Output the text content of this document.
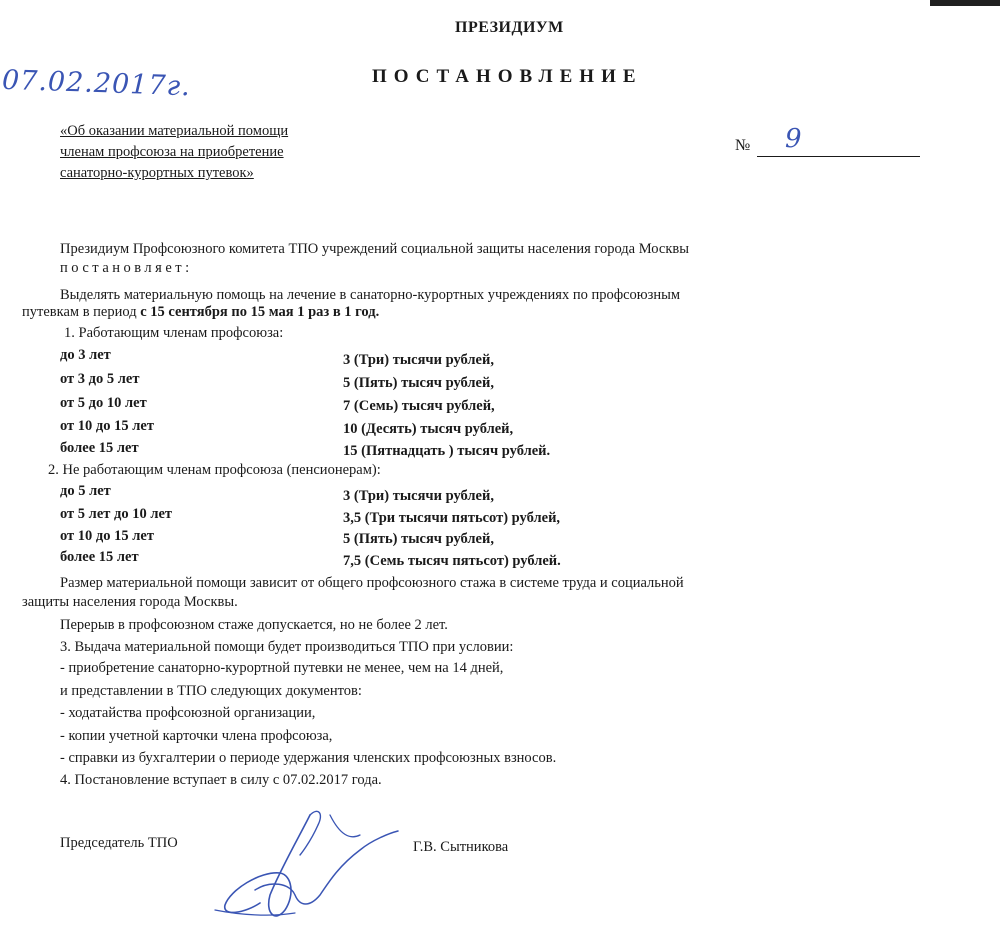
ПРЕЗИДИУМ
ПОСТАНОВЛЕНИЕ
07.02.2017г.
«Об оказании материальной помощи
членам профсоюза на приобретение
санаторно-курортных путевок»
№ 9
Президиум Профсоюзного комитета ТПО учреждений социальной защиты населения города Москвы
постановляет:
Выделять материальную помощь на лечение в санаторно-курортных учреждениях по профсоюзным
путевкам в период с 15 сентября по 15 мая 1 раз в 1 год.
1. Работающим членам профсоюза:
до 3 лет	3 (Три) тысячи рублей,
от 3 до 5 лет	5 (Пять) тысяч рублей,
от 5 до 10 лет	7 (Семь) тысяч рублей,
от 10 до 15 лет	10 (Десять) тысяч рублей,
более 15 лет	15 (Пятнадцать ) тысяч рублей.
2. Не работающим членам профсоюза (пенсионерам):
до 5 лет	3 (Три) тысячи рублей,
от 5 лет до 10 лет	3,5 (Три тысячи пятьсот) рублей,
от 10 до 15 лет	5 (Пять) тысяч рублей,
более 15 лет	7,5 (Семь тысяч пятьсот) рублей.
Размер материальной помощи зависит от общего профсоюзного стажа в системе труда и социальной
защиты населения города Москвы.
Перерыв в профсоюзном стаже допускается, но не более 2 лет.
3. Выдача материальной помощи будет производиться ТПО при условии:
- приобретение санаторно-курортной путевки не менее, чем на 14 дней,
и представлении в ТПО следующих документов:
- ходатайства профсоюзной организации,
- копии учетной карточки члена профсоюза,
- справки из бухгалтерии о периоде удержания членских профсоюзных взносов.
4. Постановление вступает в силу с 07.02.2017 года.
Председатель ТПО	Г.В. Сытникова
